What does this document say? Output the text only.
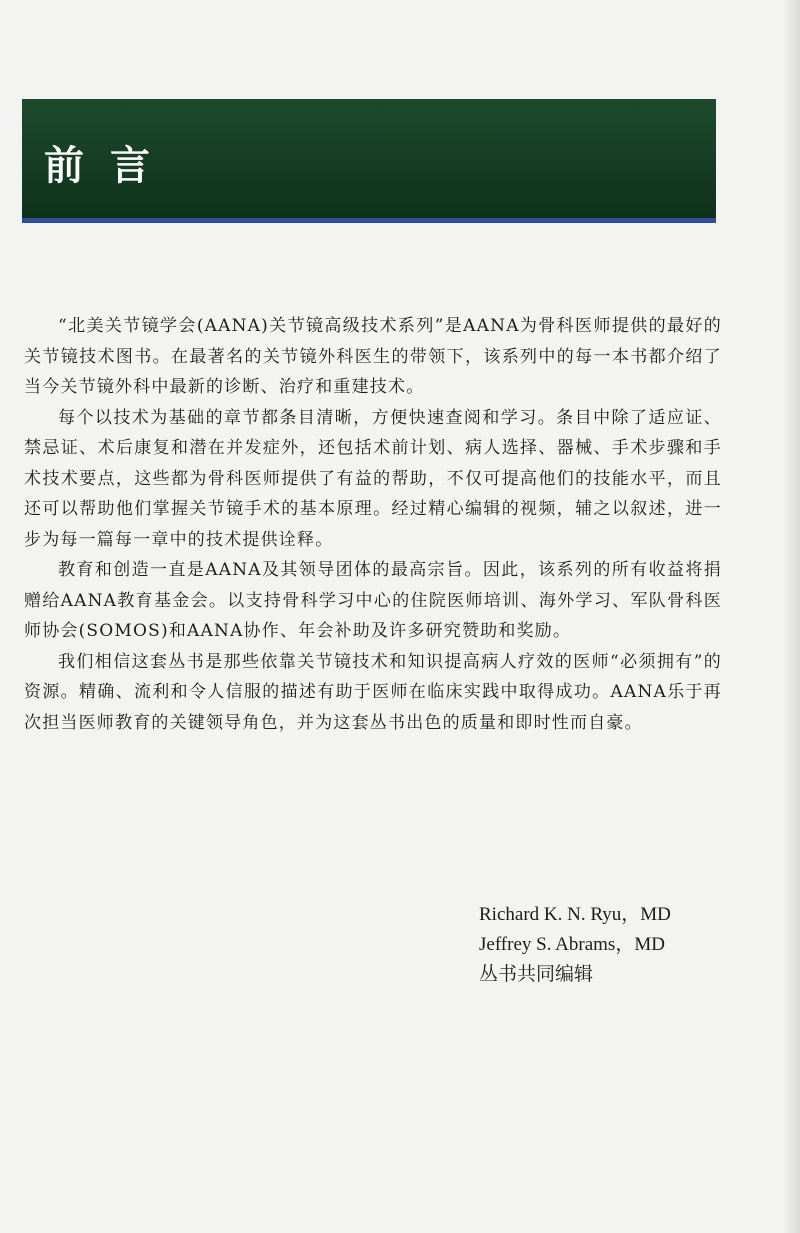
前言

“北美关节镜学会(AANA)关节镜高级技术系列”是AANA为骨科医师提供的最好的关节镜技术图书。在最著名的关节镜外科医生的带领下，该系列中的每一本书都介绍了当今关节镜外科中最新的诊断、治疗和重建技术。

每个以技术为基础的章节都条目清晰，方便快速查阅和学习。条目中除了适应证、禁忌证、术后康复和潜在并发症外，还包括术前计划、病人选择、器械、手术步骤和手术技术要点，这些都为骨科医师提供了有益的帮助，不仅可提高他们的技能水平，而且还可以帮助他们掌握关节镜手术的基本原理。经过精心编辑的视频，辅之以叙述，进一步为每一篇每一章中的技术提供诠释。

教育和创造一直是AANA及其领导团体的最高宗旨。因此，该系列的所有收益将捐赠给AANA教育基金会。以支持骨科学习中心的住院医师培训、海外学习、军队骨科医师协会(SOMOS)和AANA协作、年会补助及许多研究赞助和奖励。

我们相信这套丛书是那些依靠关节镜技术和知识提高病人疗效的医师“必须拥有”的资源。精确、流利和令人信服的描述有助于医师在临床实践中取得成功。AANA乐于再次担当医师教育的关键领导角色，并为这套丛书出色的质量和即时性而自豪。

Richard K. N. Ryu，MD
Jeffrey S. Abrams，MD
丛书共同编辑
